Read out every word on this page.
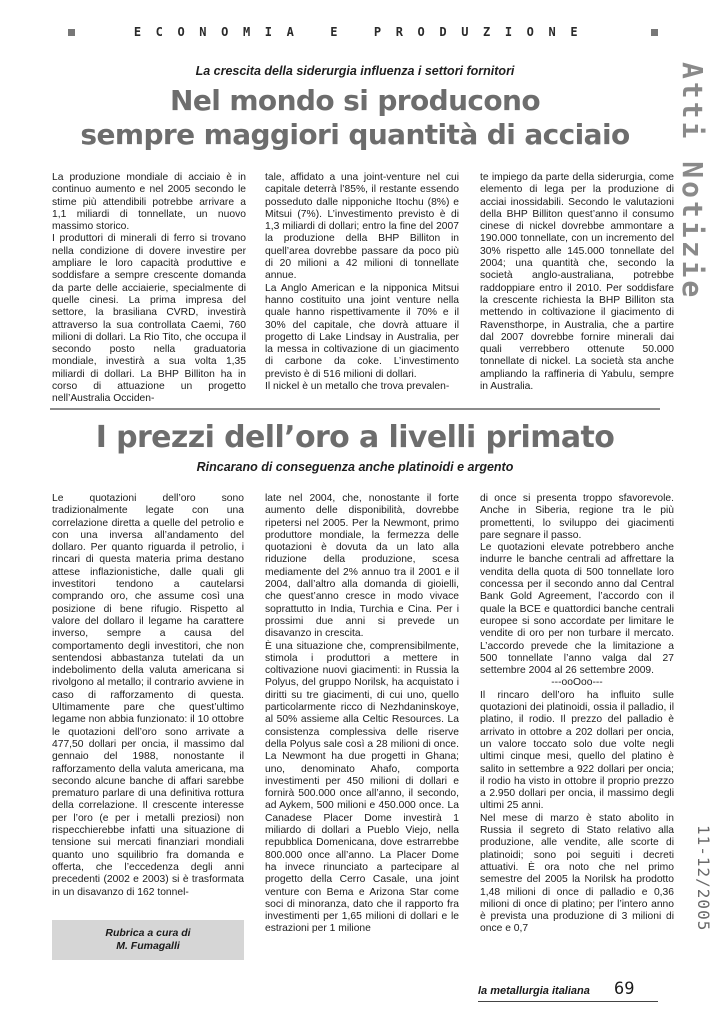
ECONOMIA E PRODUZIONE
Atti Notizie
11-12/2005
La crescita della siderurgia influenza i settori fornitori
Nel mondo si producono
sempre maggiori quantità di acciaio

La produzione mondiale di acciaio è in continuo aumento e nel 2005 secondo le stime più attendibili potrebbe arrivare a 1,1 miliardi di tonnellate, un nuovo massimo storico.

I produttori di minerali di ferro si trovano nella condizione di dovere investire per ampliare le loro capacità produttive e soddisfare a sempre crescente domanda da parte delle acciaierie, specialmente di quelle cinesi. La prima impresa del settore, la brasiliana CVRD, investirà attraverso la sua controllata Caemi, 760 milioni di dollari. La Rio Tito, che occupa il secondo posto nella graduatoria mondiale, investirà a sua volta 1,35 miliardi di dollari. La BHP Billiton ha in corso di attuazione un progetto nell’Australia Occiden-

tale, affidato a una joint-venture nel cui capitale deterrà l’85%, il restante essendo posseduto dalle nipponiche Itochu (8%) e Mitsui (7%). L’investimento previsto è di 1,3 miliardi di dollari; entro la fine del 2007 la produzione della BHP Billiton in quell’area dovrebbe passare da poco più di 20 milioni a 42 milioni di tonnellate annue.

La Anglo American e la nipponica Mitsui hanno costituito una joint venture nella quale hanno rispettivamente il 70% e il 30% del capitale, che dovrà attuare il progetto di Lake Lindsay in Australia, per la messa in coltivazione di un giacimento di carbone da coke. L’investimento previsto è di 516 milioni di dollari.

Il nickel è un metallo che trova prevalen-

te impiego da parte della siderurgia, come elemento di lega per la produzione di acciai inossidabili. Secondo le valutazioni della BHP Billiton quest’anno il consumo cinese di nickel dovrebbe ammontare a 190.000 tonnellate, con un incremento del 30% rispetto alle 145.000 tonnellate del 2004; una quantità che, secondo la società anglo-australiana, potrebbe raddoppiare entro il 2010. Per soddisfare la crescente richiesta la BHP Billiton sta mettendo in coltivazione il giacimento di Ravensthorpe, in Australia, che a partire dal 2007 dovrebbe fornire minerali dai quali verrebbero ottenute 50.000 tonnellate di nickel. La società sta anche ampliando la raffineria di Yabulu, sempre in Australia.

I prezzi dell’oro a livelli primato
Rincarano di conseguenza anche platinoidi e argento

Le quotazioni dell’oro sono tradizionalmente legate con una correlazione diretta a quelle del petrolio e con una inversa all’andamento del dollaro. Per quanto riguarda il petrolio, i rincari di questa materia prima destano attese inflazionistiche, dalle quali gli investitori tendono a cautelarsi comprando oro, che assume così una posizione di bene rifugio. Rispetto al valore del dollaro il legame ha carattere inverso, sempre a causa del comportamento degli investitori, che non sentendosi abbastanza tutelati da un indebolimento della valuta americana si rivolgono al metallo; il contrario avviene in caso di rafforzamento di questa. Ultimamente pare che quest’ultimo legame non abbia funzionato: il 10 ottobre le quotazioni dell’oro sono arrivate a 477,50 dollari per oncia, il massimo dal gennaio del 1988, nonostante il rafforzamento della valuta americana, ma secondo alcune banche di affari sarebbe prematuro parlare di una definitiva rottura della correlazione. Il crescente interesse per l’oro (e per i metalli preziosi) non rispecchierebbe infatti una situazione di tensione sui mercati finanziari mondiali quanto uno squilibrio fra domanda e offerta, che l’eccedenza degli anni precedenti (2002 e 2003) si è trasformata in un disavanzo di 162 tonnel-

late nel 2004, che, nonostante il forte aumento delle disponibilità, dovrebbe ripetersi nel 2005. Per la Newmont, primo produttore mondiale, la fermezza delle quotazioni è dovuta da un lato alla riduzione della produzione, scesa mediamente del 2% annuo tra il 2001 e il 2004, dall’altro alla domanda di gioielli, che quest’anno cresce in modo vivace soprattutto in India, Turchia e Cina. Per i prossimi due anni si prevede un disavanzo in crescita.

È una situazione che, comprensibilmente, stimola i produttori a mettere in coltivazione nuovi giacimenti: in Russia la Polyus, del gruppo Norilsk, ha acquistato i diritti su tre giacimenti, di cui uno, quello particolarmente ricco di Nezhdaninskoye, al 50% assieme alla Celtic Resources. La consistenza complessiva delle riserve della Polyus sale così a 28 milioni di once. La Newmont ha due progetti in Ghana; uno, denominato Ahafo, comporta investimenti per 450 milioni di dollari e fornirà 500.000 once all’anno, il secondo, ad Aykem, 500 milioni e 450.000 once. La Canadese Placer Dome investirà 1 miliardo di dollari a Pueblo Viejo, nella repubblica Domenicana, dove estrarrebbe 800.000 once all’anno. La Placer Dome ha invece rinunciato a partecipare al progetto della Cerro Casale, una joint venture con Bema e Arizona Star come soci di minoranza, dato che il rapporto fra investimenti per 1,65 milioni di dollari e le estrazioni per 1 milione

di once si presenta troppo sfavorevole. Anche in Siberia, regione tra le più promettenti, lo sviluppo dei giacimenti pare segnare il passo.

Le quotazioni elevate potrebbero anche indurre le banche centrali ad affrettare la vendita della quota di 500 tonnellate loro concessa per il secondo anno dal Central Bank Gold Agreement, l’accordo con il quale la BCE e quattordici banche centrali europee si sono accordate per limitare le vendite di oro per non turbare il mercato. L’accordo prevede che la limitazione a 500 tonnellate l’anno valga dal 27 settembre 2004 al 26 settembre 2009.

---ooOoo---

Il rincaro dell’oro ha influito sulle quotazioni dei platinoidi, ossia il palladio, il platino, il rodio. Il prezzo del palladio è arrivato in ottobre a 202 dollari per oncia, un valore toccato solo due volte negli ultimi cinque mesi, quello del platino è salito in settembre a 922 dollari per oncia; il rodio ha visto in ottobre il proprio prezzo a 2.950 dollari per oncia, il massimo degli ultimi 25 anni.

Nel mese di marzo è stato abolito in Russia il segreto di Stato relativo alla produzione, alle vendite, alle scorte di platinoidi; sono poi seguiti i decreti attuativi. È ora noto che nel primo semestre del 2005 la Norilsk ha prodotto 1,48 milioni di once di palladio e 0,36 milioni di once di platino; per l’intero anno è prevista una produzione di 3 milioni di once e 0,7

Rubrica a cura di
M. Fumagalli
la metallurgia italiana 69
